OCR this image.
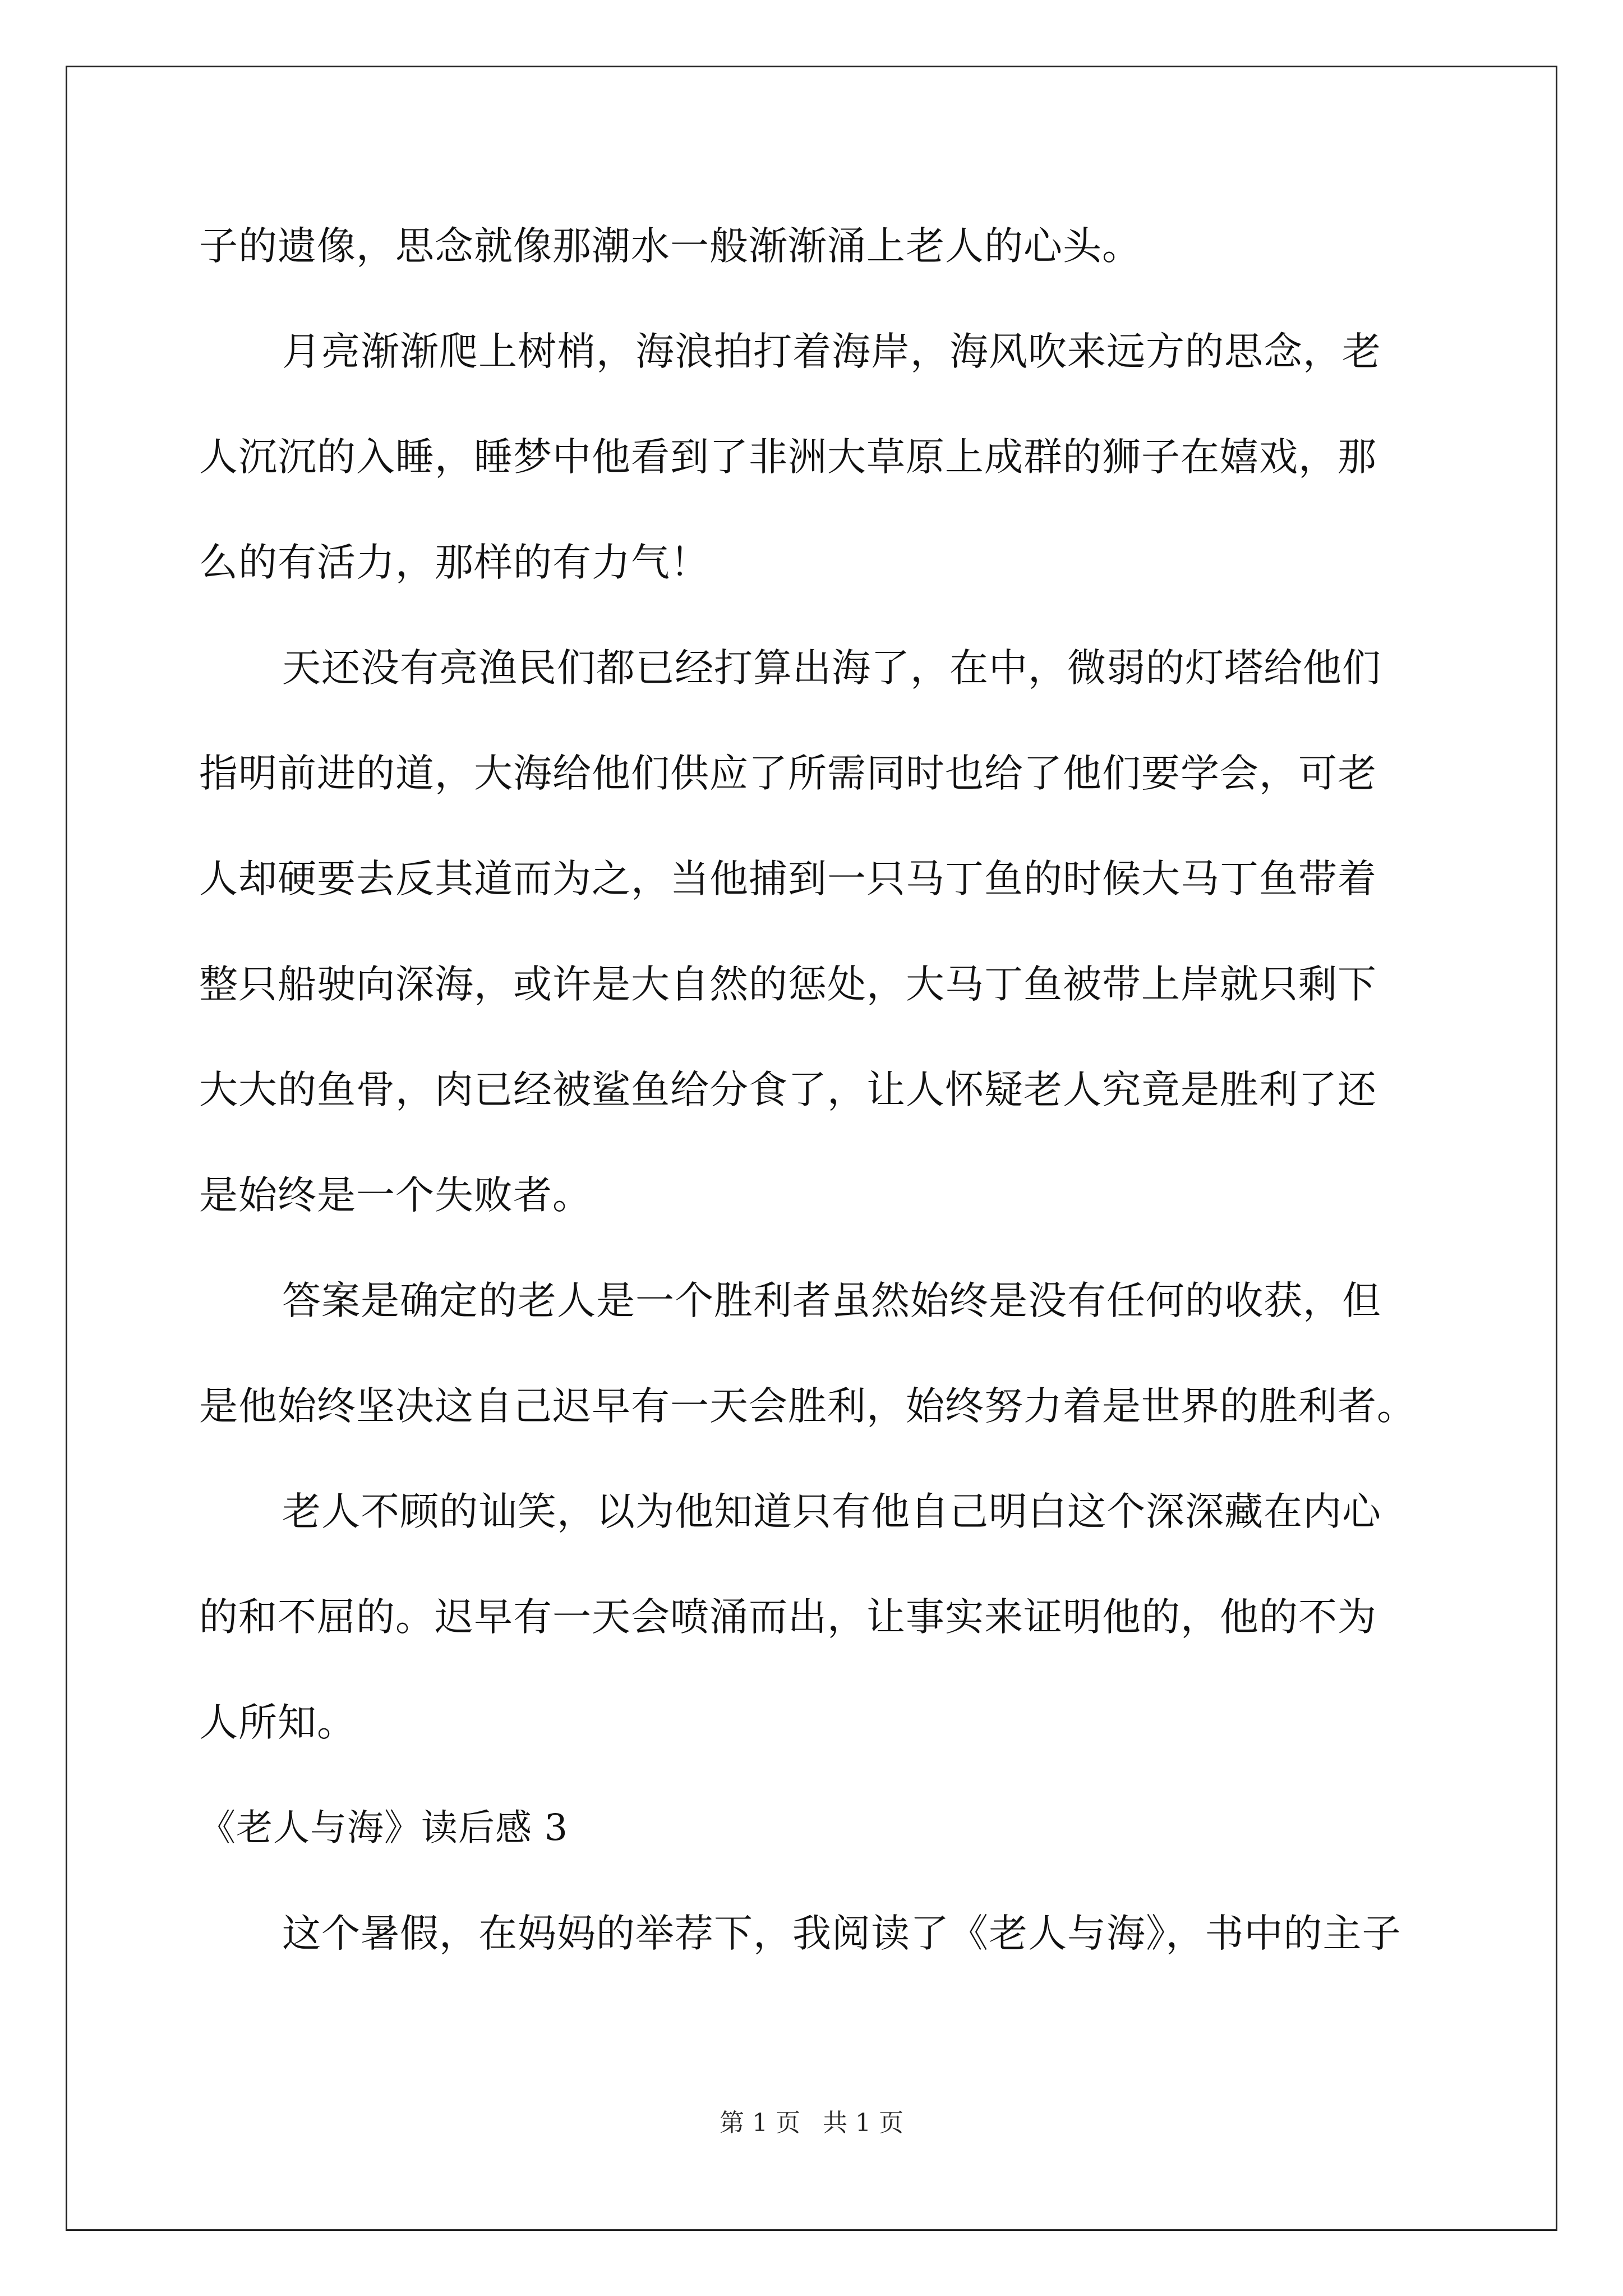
子的遗像，思念就像那潮水一般渐渐涌上老人的心头。
月亮渐渐爬上树梢，海浪拍打着海岸，海风吹来远方的思念，老
人沉沉的入睡，睡梦中他看到了非洲大草原上成群的狮子在嬉戏，那
么的有活力，那样的有力气！
天还没有亮渔民们都已经打算出海了，在中，微弱的灯塔给他们
指明前进的道，大海给他们供应了所需同时也给了他们要学会，可老
人却硬要去反其道而为之，当他捕到一只马丁鱼的时候大马丁鱼带着
整只船驶向深海，或许是大自然的惩处，大马丁鱼被带上岸就只剩下
大大的鱼骨，肉已经被鲨鱼给分食了，让人怀疑老人究竟是胜利了还
是始终是一个失败者。
答案是确定的老人是一个胜利者虽然始终是没有任何的收获，但
是他始终坚决这自己迟早有一天会胜利，始终努力着是世界的胜利者。
老人不顾的讪笑，以为他知道只有他自己明白这个深深藏在内心
的和不屈的。迟早有一天会喷涌而出，让事实来证明他的，他的不为
人所知。
《老人与海》读后感 3
这个暑假，在妈妈的举荐下，我阅读了《老人与海》，书中的主子
第 1 页 共 1 页
